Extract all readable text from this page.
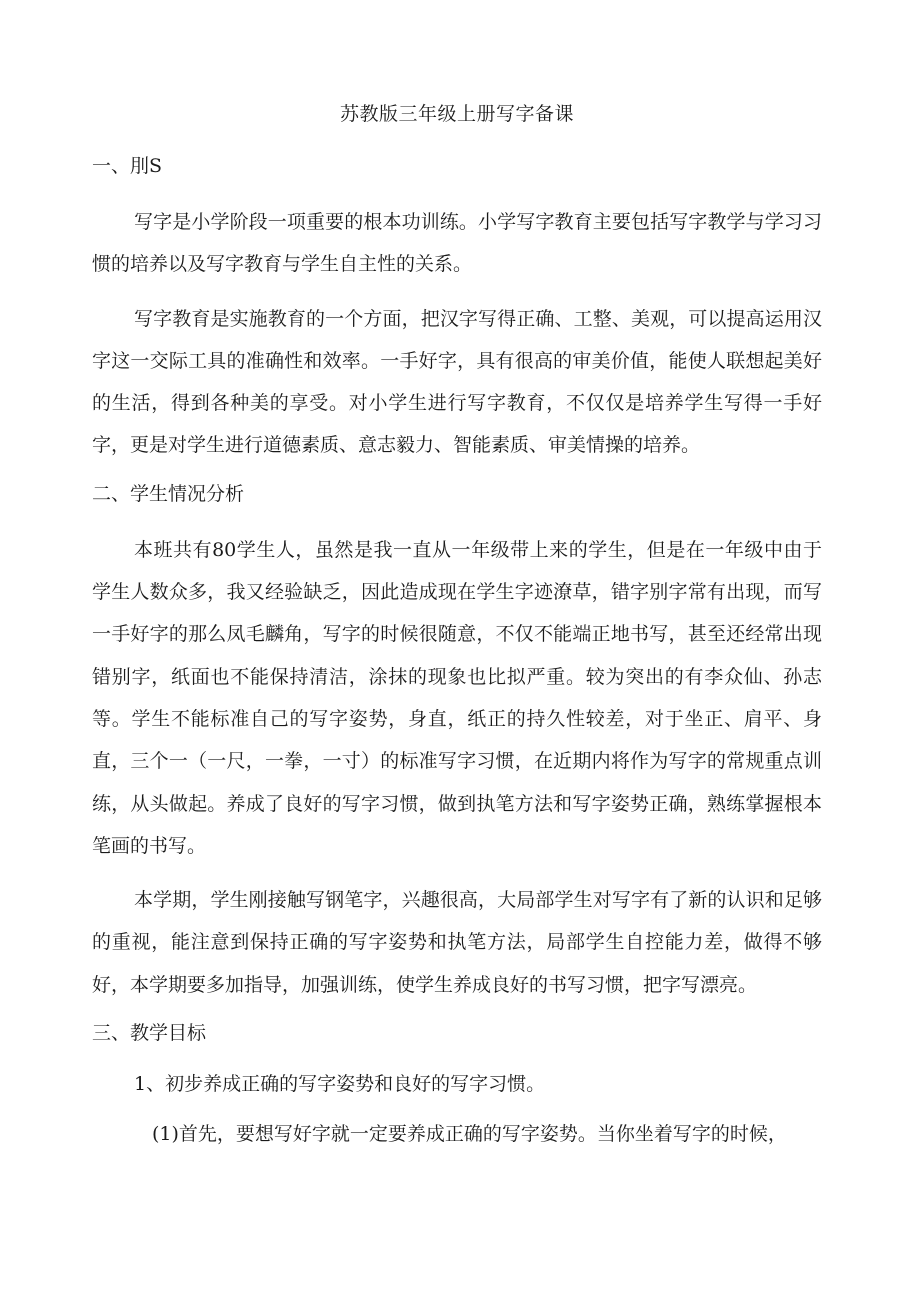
苏教版三年级上册写字备课
一、刖S

写字是小学阶段一项重要的根本功训练。小学写字教育主要包括写字教学与学习习惯的培养以及写字教育与学生自主性的关系。

写字教育是实施教育的一个方面，把汉字写得正确、工整、美观，可以提高运用汉字这一交际工具的准确性和效率。一手好字，具有很高的审美价值，能使人联想起美好的生活，得到各种美的享受。对小学生进行写字教育，不仅仅是培养学生写得一手好字，更是对学生进行道德素质、意志毅力、智能素质、审美情操的培养。

二、学生情况分析

本班共有80学生人，虽然是我一直从一年级带上来的学生，但是在一年级中由于学生人数众多，我又经验缺乏，因此造成现在学生字迹潦草，错字别字常有出现，而写一手好字的那么凤毛麟角，写字的时候很随意，不仅不能端正地书写，甚至还经常出现错别字，纸面也不能保持清洁，涂抹的现象也比拟严重。较为突出的有李众仙、孙志等。学生不能标准自己的写字姿势，身直，纸正的持久性较差，对于坐正、肩平、身直，三个一（一尺，一拳，一寸）的标准写字习惯，在近期内将作为写字的常规重点训练，从头做起。养成了良好的写字习惯，做到执笔方法和写字姿势正确，熟练掌握根本笔画的书写。

本学期，学生刚接触写钢笔字，兴趣很高，大局部学生对写字有了新的认识和足够的重视，能注意到保持正确的写字姿势和执笔方法，局部学生自控能力差，做得不够好，本学期要多加指导，加强训练，使学生养成良好的书写习惯，把字写漂亮。

三、教学目标
1、初步养成正确的写字姿势和良好的写字习惯。
(1)首先，要想写好字就一定要养成正确的写字姿势。当你坐着写字的时候，
